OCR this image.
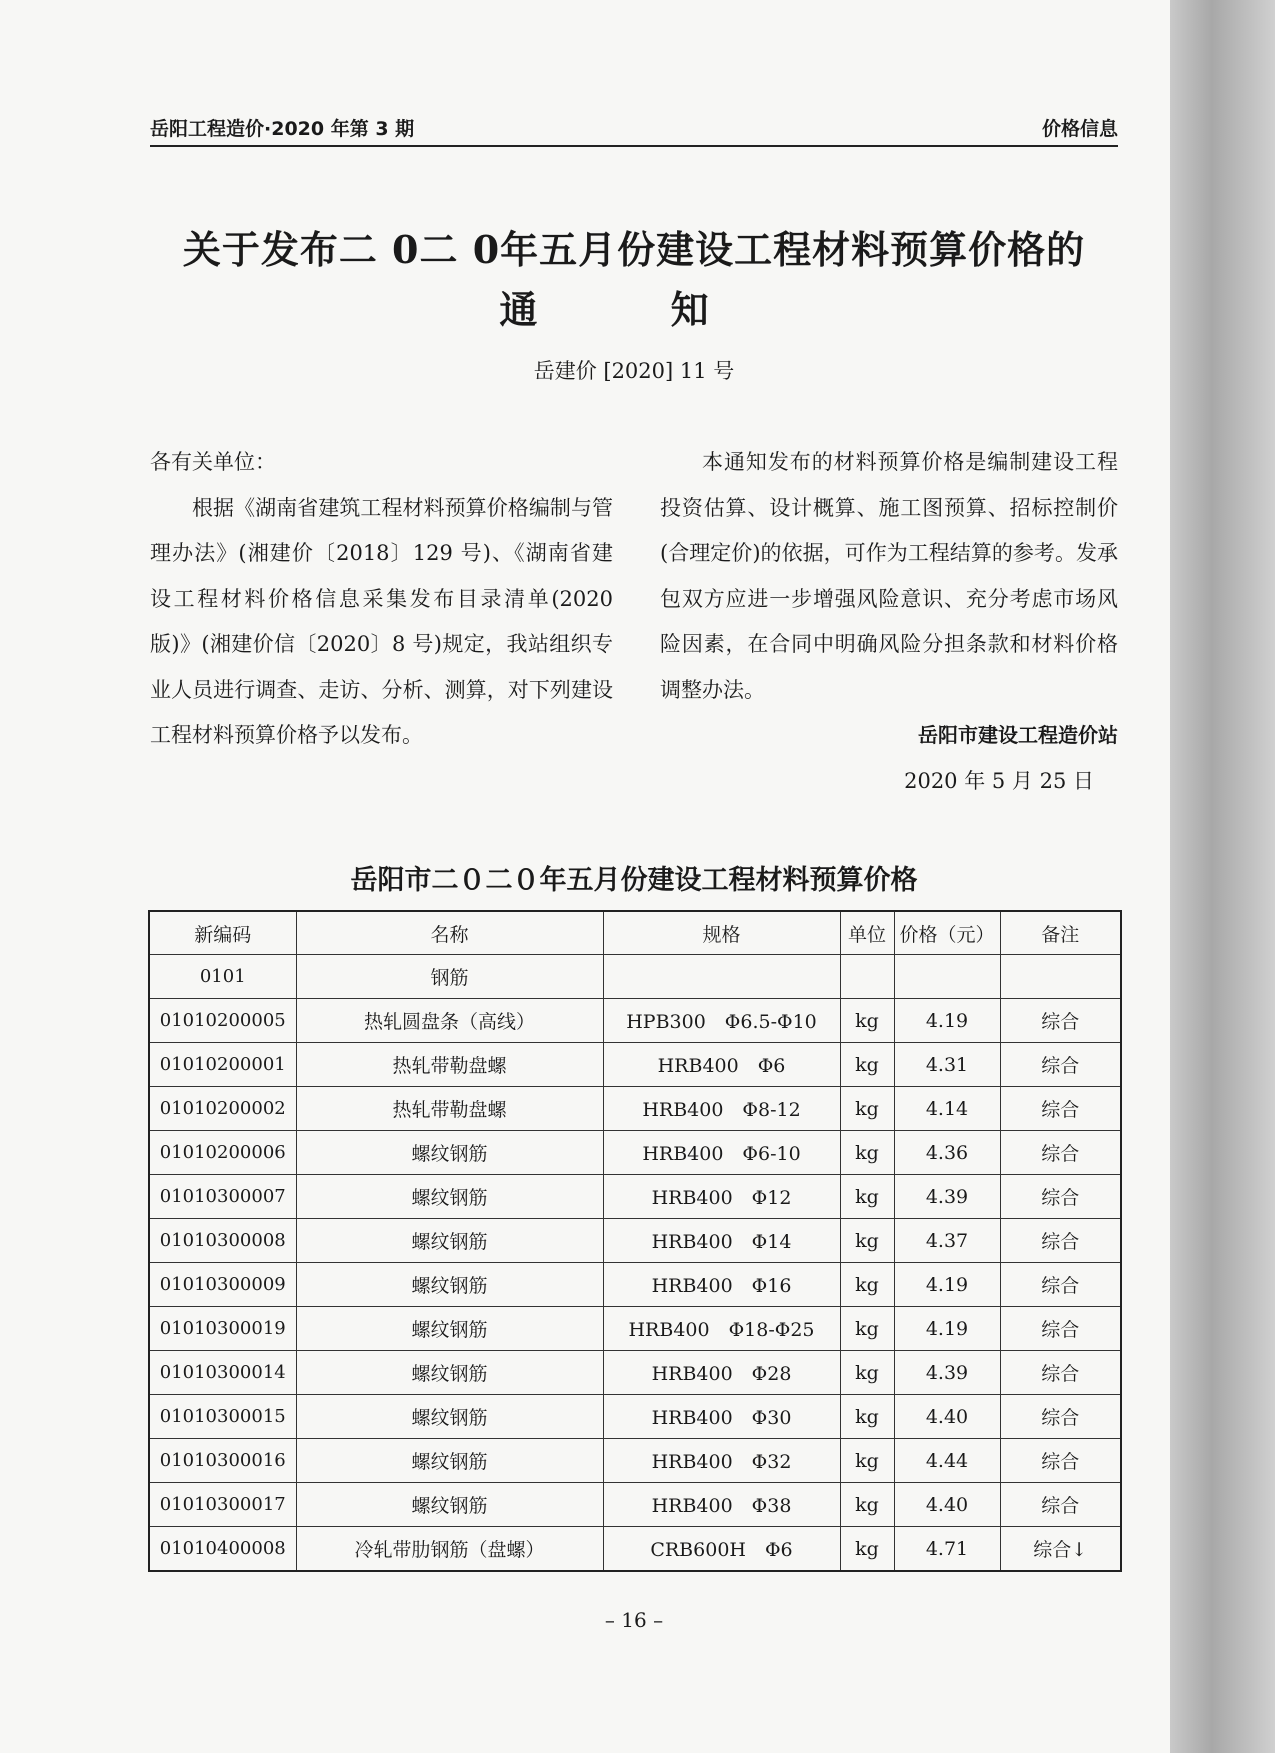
岳阳工程造价·2020 年第 3 期	价格信息
关于发布二 0二 0年五月份建设工程材料预算价格的
通 知
岳建价 [2020] 11 号

各有关单位：

根据《湖南省建筑工程材料预算价格编制与管理办法》(湘建价〔2018〕129 号)、《湖南省建设工程材料价格信息采集发布目录清单(2020 版)》(湘建价信〔2020〕8 号)规定，我站组织专业人员进行调查、走访、分析、测算，对下列建设工程材料预算价格予以发布。

本通知发布的材料预算价格是编制建设工程投资估算、设计概算、施工图预算、招标控制价(合理定价)的依据，可作为工程结算的参考。发承包双方应进一步增强风险意识、充分考虑市场风险因素，在合同中明确风险分担条款和材料价格调整办法。

岳阳市建设工程造价站

2020 年 5 月 25 日

岳阳市二０二０年五月份建设工程材料预算价格
新编码	名称	规格	单位	价格（元）	备注
0101	钢筋				
01010200005	热轧圆盘条（高线）	HPB300　Φ6.5-Φ10	kg	4.19	综合
01010200001	热轧带勒盘螺	HRB400　Φ6	kg	4.31	综合
01010200002	热轧带勒盘螺	HRB400　Φ8-12	kg	4.14	综合
01010200006	螺纹钢筋	HRB400　Φ6-10	kg	4.36	综合
01010300007	螺纹钢筋	HRB400　Φ12	kg	4.39	综合
01010300008	螺纹钢筋	HRB400　Φ14	kg	4.37	综合
01010300009	螺纹钢筋	HRB400　Φ16	kg	4.19	综合
01010300019	螺纹钢筋	HRB400　Φ18-Φ25	kg	4.19	综合
01010300014	螺纹钢筋	HRB400　Φ28	kg	4.39	综合
01010300015	螺纹钢筋	HRB400　Φ30	kg	4.40	综合
01010300016	螺纹钢筋	HRB400　Φ32	kg	4.44	综合
01010300017	螺纹钢筋	HRB400　Φ38	kg	4.40	综合
01010400008	冷轧带肋钢筋（盘螺）	CRB600H　Φ6	kg	4.71	综合↓
– 16 –
